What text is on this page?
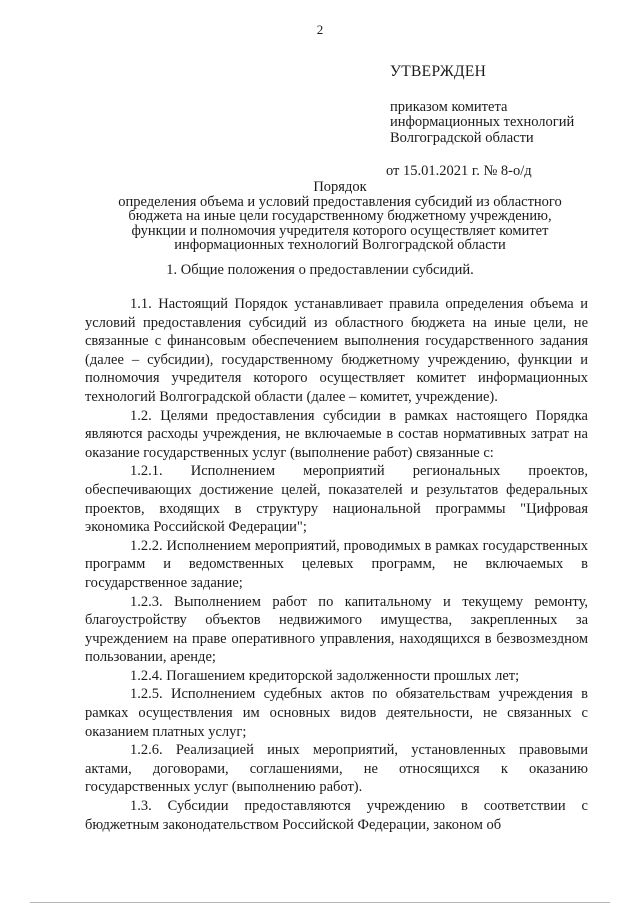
2
УТВЕРЖДЕН
приказом комитета
информационных технологий
Волгоградской области
от 15.01.2021 г. № 8-о/д
Порядок
определения объема и условий предоставления субсидий из областного
бюджета на иные цели государственному бюджетному учреждению,
функции и полномочия учредителя которого осуществляет комитет
информационных технологий Волгоградской области
1. Общие положения о предоставлении субсидий.

1.1. Настоящий Порядок устанавливает правила определения объема и условий предоставления субсидий из областного бюджета на иные цели, не связанные с финансовым обеспечением выполнения государственного задания (далее – субсидии), государственному бюджетному учреждению, функции и полномочия учредителя которого осуществляет комитет информационных технологий Волгоградской области (далее – комитет, учреждение).

1.2. Целями предоставления субсидии в рамках настоящего Порядка являются расходы учреждения, не включаемые в состав нормативных затрат на оказание государственных услуг (выполнение работ) связанные с:

1.2.1. Исполнением мероприятий региональных проектов, обеспечивающих достижение целей, показателей и результатов федеральных проектов, входящих в структуру национальной программы "Цифровая экономика Российской Федерации";

1.2.2. Исполнением мероприятий, проводимых в рамках государственных программ и ведомственных целевых программ, не включаемых в государственное задание;

1.2.3. Выполнением работ по капитальному и текущему ремонту, благоустройству объектов недвижимого имущества, закрепленных за учреждением на праве оперативного управления, находящихся в безвозмездном пользовании, аренде;

1.2.4. Погашением кредиторской задолженности прошлых лет;

1.2.5. Исполнением судебных актов по обязательствам учреждения в рамках осуществления им основных видов деятельности, не связанных с оказанием платных услуг;

1.2.6. Реализацией иных мероприятий, установленных правовыми актами, договорами, соглашениями, не относящихся к оказанию государственных услуг (выполнению работ).

1.3. Субсидии предоставляются учреждению в соответствии с бюджетным законодательством Российской Федерации, законом об
